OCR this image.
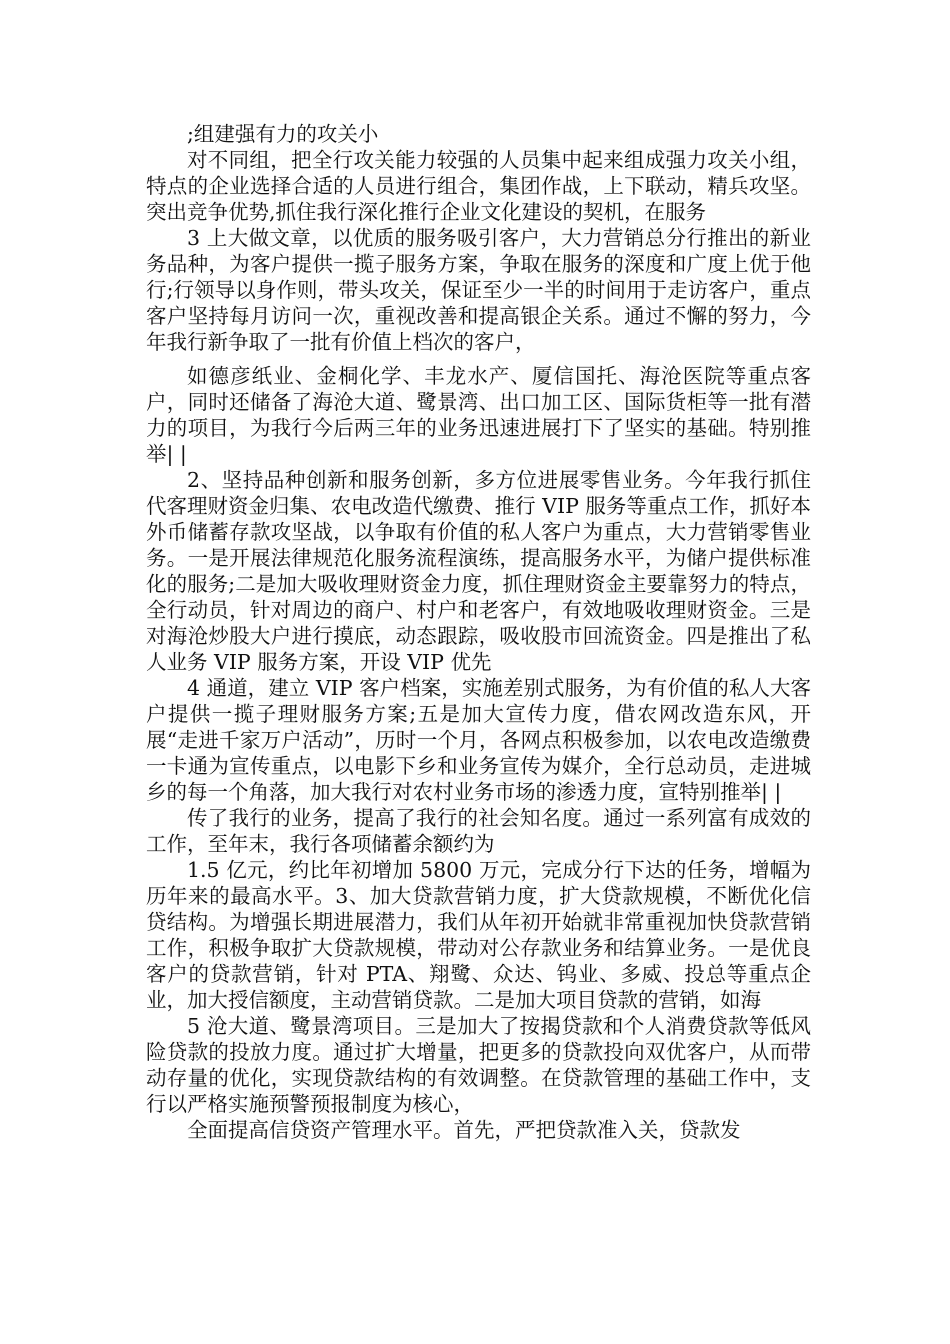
;组建强有力的攻关小

对不同组，把全行攻关能力较强的人员集中起来组成强力攻关小组，特点的企业选择合适的人员进行组合，集团作战，上下联动，精兵攻坚。突出竞争优势,抓住我行深化推行企业文化建设的契机，在服务

3 上大做文章，以优质的服务吸引客户，大力营销总分行推出的新业务品种，为客户提供一揽子服务方案，争取在服务的深度和广度上优于他行;行领导以身作则，带头攻关，保证至少一半的时间用于走访客户，重点客户坚持每月访问一次，重视改善和提高银企关系。通过不懈的努力，今年我行新争取了一批有价值上档次的客户，

如德彦纸业、金桐化学、丰龙水产、厦信国托、海沧医院等重点客户，同时还储备了海沧大道、鹭景湾、出口加工区、国际货柜等一批有潜力的项目，为我行今后两三年的业务迅速进展打下了坚实的基础。特别推举| |

2、坚持品种创新和服务创新，多方位进展零售业务。今年我行抓住代客理财资金归集、农电改造代缴费、推行 VIP 服务等重点工作，抓好本外币储蓄存款攻坚战，以争取有价值的私人客户为重点，大力营销零售业务。一是开展法律规范化服务流程演练，提高服务水平，为储户提供标准化的服务;二是加大吸收理财资金力度，抓住理财资金主要靠努力的特点，全行动员，针对周边的商户、村户和老客户，有效地吸收理财资金。三是对海沧炒股大户进行摸底，动态跟踪，吸收股市回流资金。四是推出了私人业务 VIP 服务方案，开设 VIP 优先

4 通道，建立 VIP 客户档案，实施差别式服务，为有价值的私人大客户提供一揽子理财服务方案;五是加大宣传力度，借农网改造东风，开展“走进千家万户活动”，历时一个月，各网点积极参加，以农电改造缴费一卡通为宣传重点，以电影下乡和业务宣传为媒介，全行总动员，走进城乡的每一个角落，加大我行对农村业务市场的渗透力度，宣特别推举| |

传了我行的业务，提高了我行的社会知名度。通过一系列富有成效的工作，至年末，我行各项储蓄余额约为

1.5 亿元，约比年初增加 5800 万元，完成分行下达的任务，增幅为历年来的最高水平。3、加大贷款营销力度，扩大贷款规模，不断优化信贷结构。为增强长期进展潜力，我们从年初开始就非常重视加快贷款营销工作，积极争取扩大贷款规模，带动对公存款业务和结算业务。一是优良客户的贷款营销，针对 PTA、翔鹭、众达、钨业、多威、投总等重点企业，加大授信额度，主动营销贷款。二是加大项目贷款的营销，如海

5 沧大道、鹭景湾项目。三是加大了按揭贷款和个人消费贷款等低风险贷款的投放力度。通过扩大增量，把更多的贷款投向双优客户，从而带动存量的优化，实现贷款结构的有效调整。在贷款管理的基础工作中，支行以严格实施预警预报制度为核心，

全面提高信贷资产管理水平。首先，严把贷款准入关，贷款发
